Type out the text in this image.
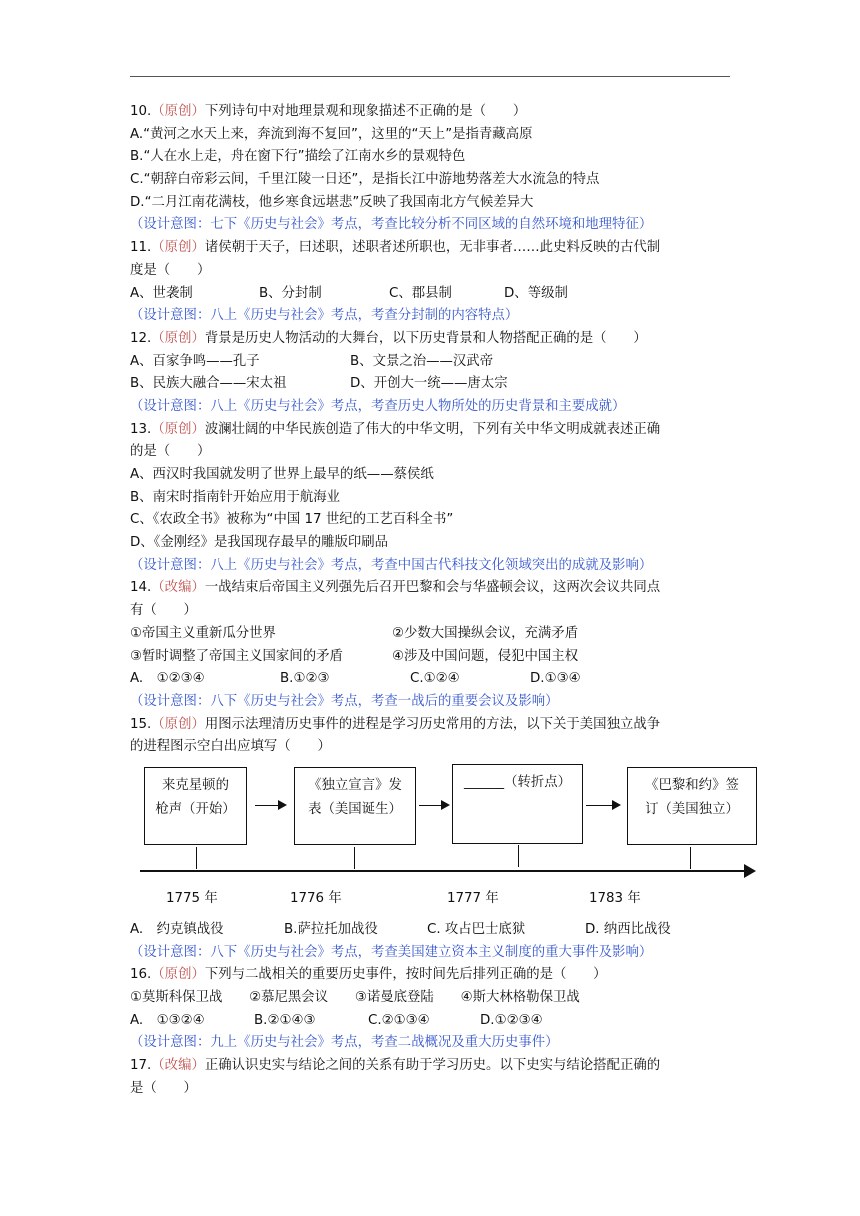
10.（原创）下列诗句中对地理景观和现象描述不正确的是（　　）
A.“黄河之水天上来，奔流到海不复回”，这里的“天上”是指青藏高原
B.“人在水上走，舟在窗下行”描绘了江南水乡的景观特色
C.“朝辞白帝彩云间，千里江陵一日还”，是指长江中游地势落差大水流急的特点
D.“二月江南花满枝，他乡寒食远堪悲”反映了我国南北方气候差异大
（设计意图：七下《历史与社会》考点，考查比较分析不同区域的自然环境和地理特征）
11.（原创）诸侯朝于天子，曰述职，述职者述所职也，无非事者……此史料反映的古代制
度是（　　）
A、世袭制	B、分封制	C、郡县制	D、等级制
（设计意图：八上《历史与社会》考点，考查分封制的内容特点）
12.（原创）背景是历史人物活动的大舞台，以下历史背景和人物搭配正确的是（　　）
A、百家争鸣——孔子	B、文景之治——汉武帝
B、民族大融合——宋太祖	D、开创大一统——唐太宗
（设计意图：八上《历史与社会》考点，考查历史人物所处的历史背景和主要成就）
13.（原创）波澜壮阔的中华民族创造了伟大的中华文明，下列有关中华文明成就表述正确
的是（　　）
A、西汉时我国就发明了世界上最早的纸——蔡侯纸
B、南宋时指南针开始应用于航海业
C、《农政全书》被称为“中国 17 世纪的工艺百科全书”
D、《金刚经》是我国现存最早的雕版印刷品
（设计意图：八上《历史与社会》考点，考查中国古代科技文化领域突出的成就及影响）
14.（改编）一战结束后帝国主义列强先后召开巴黎和会与华盛顿会议，这两次会议共同点
有（　　）
①帝国主义重新瓜分世界	②少数大国操纵会议，充满矛盾
③暂时调整了帝国主义国家间的矛盾	④涉及中国问题，侵犯中国主权
A.　①②③④	B.①②③	C.①②④	D.①③④
（设计意图：八下《历史与社会》考点，考查一战后的重要会议及影响）
15.（原创）用图示法理清历史事件的进程是学习历史常用的方法，以下关于美国独立战争
的进程图示空白出应填写（　　）
来克星顿的
枪声（开始）
《独立宣言》发
表（美国诞生）
______（转折点）	《巴黎和约》签
订（美国独立）
1775 年	1776 年	1777 年	1783 年
A.　约克镇战役	B.萨拉托加战役	C. 攻占巴士底狱	D. 纳西比战役
（设计意图：八下《历史与社会》考点，考查美国建立资本主义制度的重大事件及影响）
16.（原创）下列与二战相关的重要历史事件，按时间先后排列正确的是（　　）
①莫斯科保卫战　　②慕尼黑会议　　③诺曼底登陆　　④斯大林格勒保卫战
A.　①③②④	B.②①④③	C.②①③④	D.①②③④
（设计意图：九上《历史与社会》考点，考查二战概况及重大历史事件）
17.（改编）正确认识史实与结论之间的关系有助于学习历史。以下史实与结论搭配正确的
是（　　）
